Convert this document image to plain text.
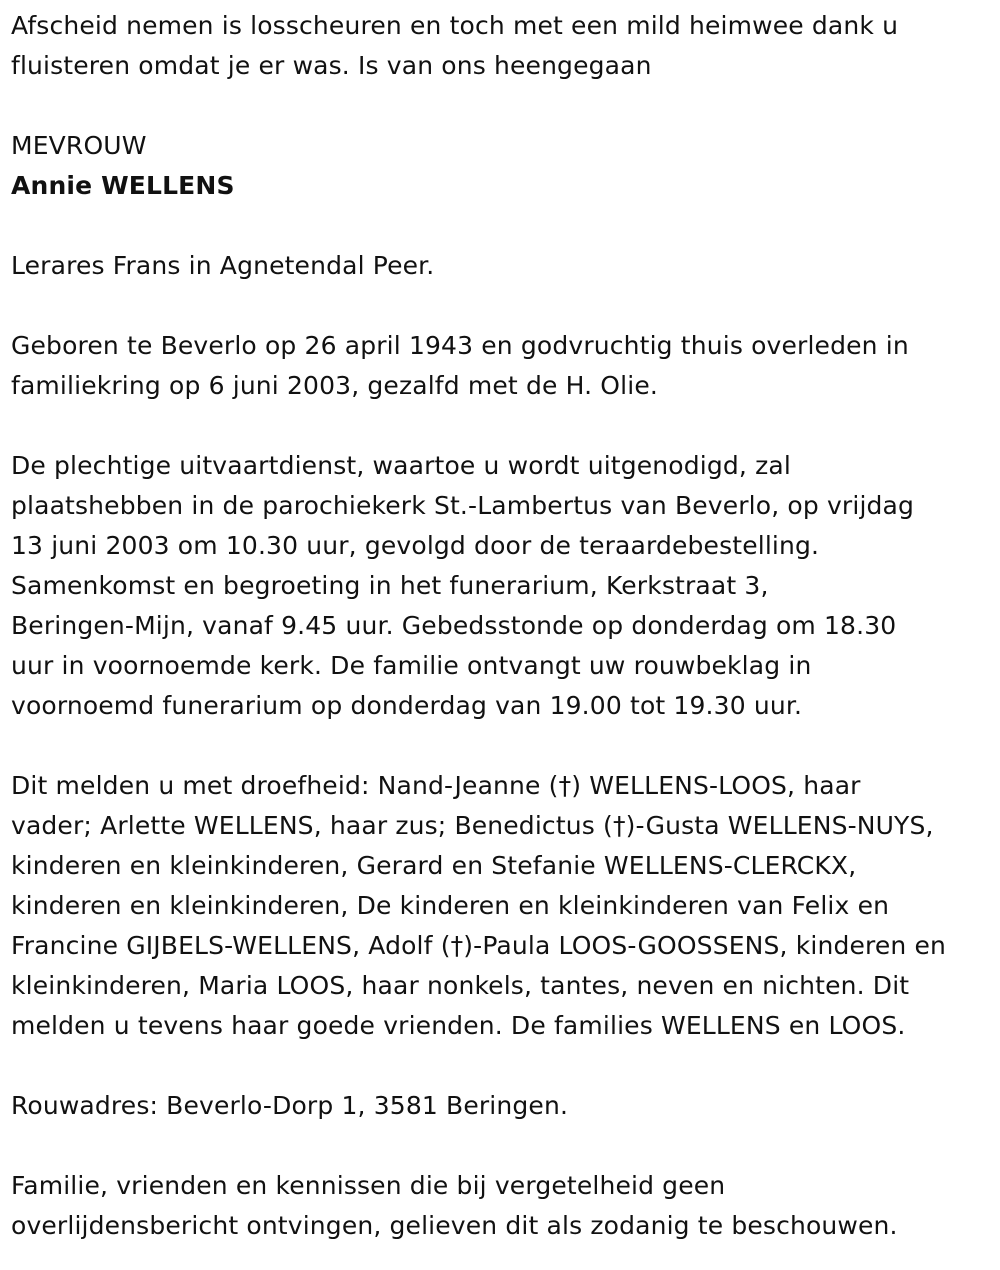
Afscheid nemen is losscheuren en toch met een mild heimwee dank u

fluisteren omdat je er was. Is van ons heengegaan

MEVROUW

Annie WELLENS

Lerares Frans in Agnetendal Peer.

Geboren te Beverlo op 26 april 1943 en godvruchtig thuis overleden in

familiekring op 6 juni 2003, gezalfd met de H. Olie.

De plechtige uitvaartdienst, waartoe u wordt uitgenodigd, zal

plaatshebben in de parochiekerk St.-Lambertus van Beverlo, op vrijdag

13 juni 2003 om 10.30 uur, gevolgd door de teraardebestelling.

Samenkomst en begroeting in het funerarium, Kerkstraat 3,

Beringen-Mijn, vanaf 9.45 uur. Gebedsstonde op donderdag om 18.30

uur in voornoemde kerk. De familie ontvangt uw rouwbeklag in

voornoemd funerarium op donderdag van 19.00 tot 19.30 uur.

Dit melden u met droefheid: Nand-Jeanne (†) WELLENS-LOOS, haar

vader; Arlette WELLENS, haar zus; Benedictus (†)-Gusta WELLENS-NUYS,

kinderen en kleinkinderen, Gerard en Stefanie WELLENS-CLERCKX,

kinderen en kleinkinderen, De kinderen en kleinkinderen van Felix en

Francine GIJBELS-WELLENS, Adolf (†)-Paula LOOS-GOOSSENS, kinderen en

kleinkinderen, Maria LOOS, haar nonkels, tantes, neven en nichten. Dit

melden u tevens haar goede vrienden. De families WELLENS en LOOS.

Rouwadres: Beverlo-Dorp 1, 3581 Beringen.

Familie, vrienden en kennissen die bij vergetelheid geen

overlijdensbericht ontvingen, gelieven dit als zodanig te beschouwen.
